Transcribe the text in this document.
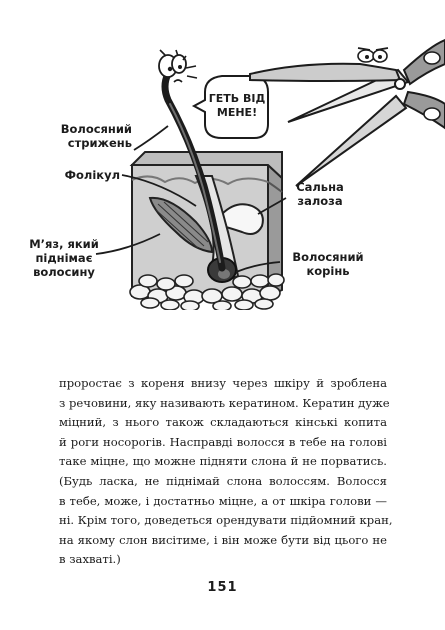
ГЕТЬ ВІД
МЕНЕ!
Волосяний
стрижень
Фолікул
Сальна
залоза
М’яз, який
піднімає
волосину
Волосяний
корінь
проростає з кореня внизу через шкіру й зроблена
з речовини, яку називають кератином. Кератин дуже
міцний, з нього також складаються кінські копита
й роги носорогів. Насправді волосся в тебе на голові
таке міцне, що можне підняти слона й не порватись.
(Будь ласка, не піднімай слона волоссям. Волосся
в тебе, може, і достатньо міцне, а от шкіра голови —
ні. Крім того, доведеться орендувати підйомний кран,
на якому слон висітиме, і він може бути від цього не
в захваті.)
151
